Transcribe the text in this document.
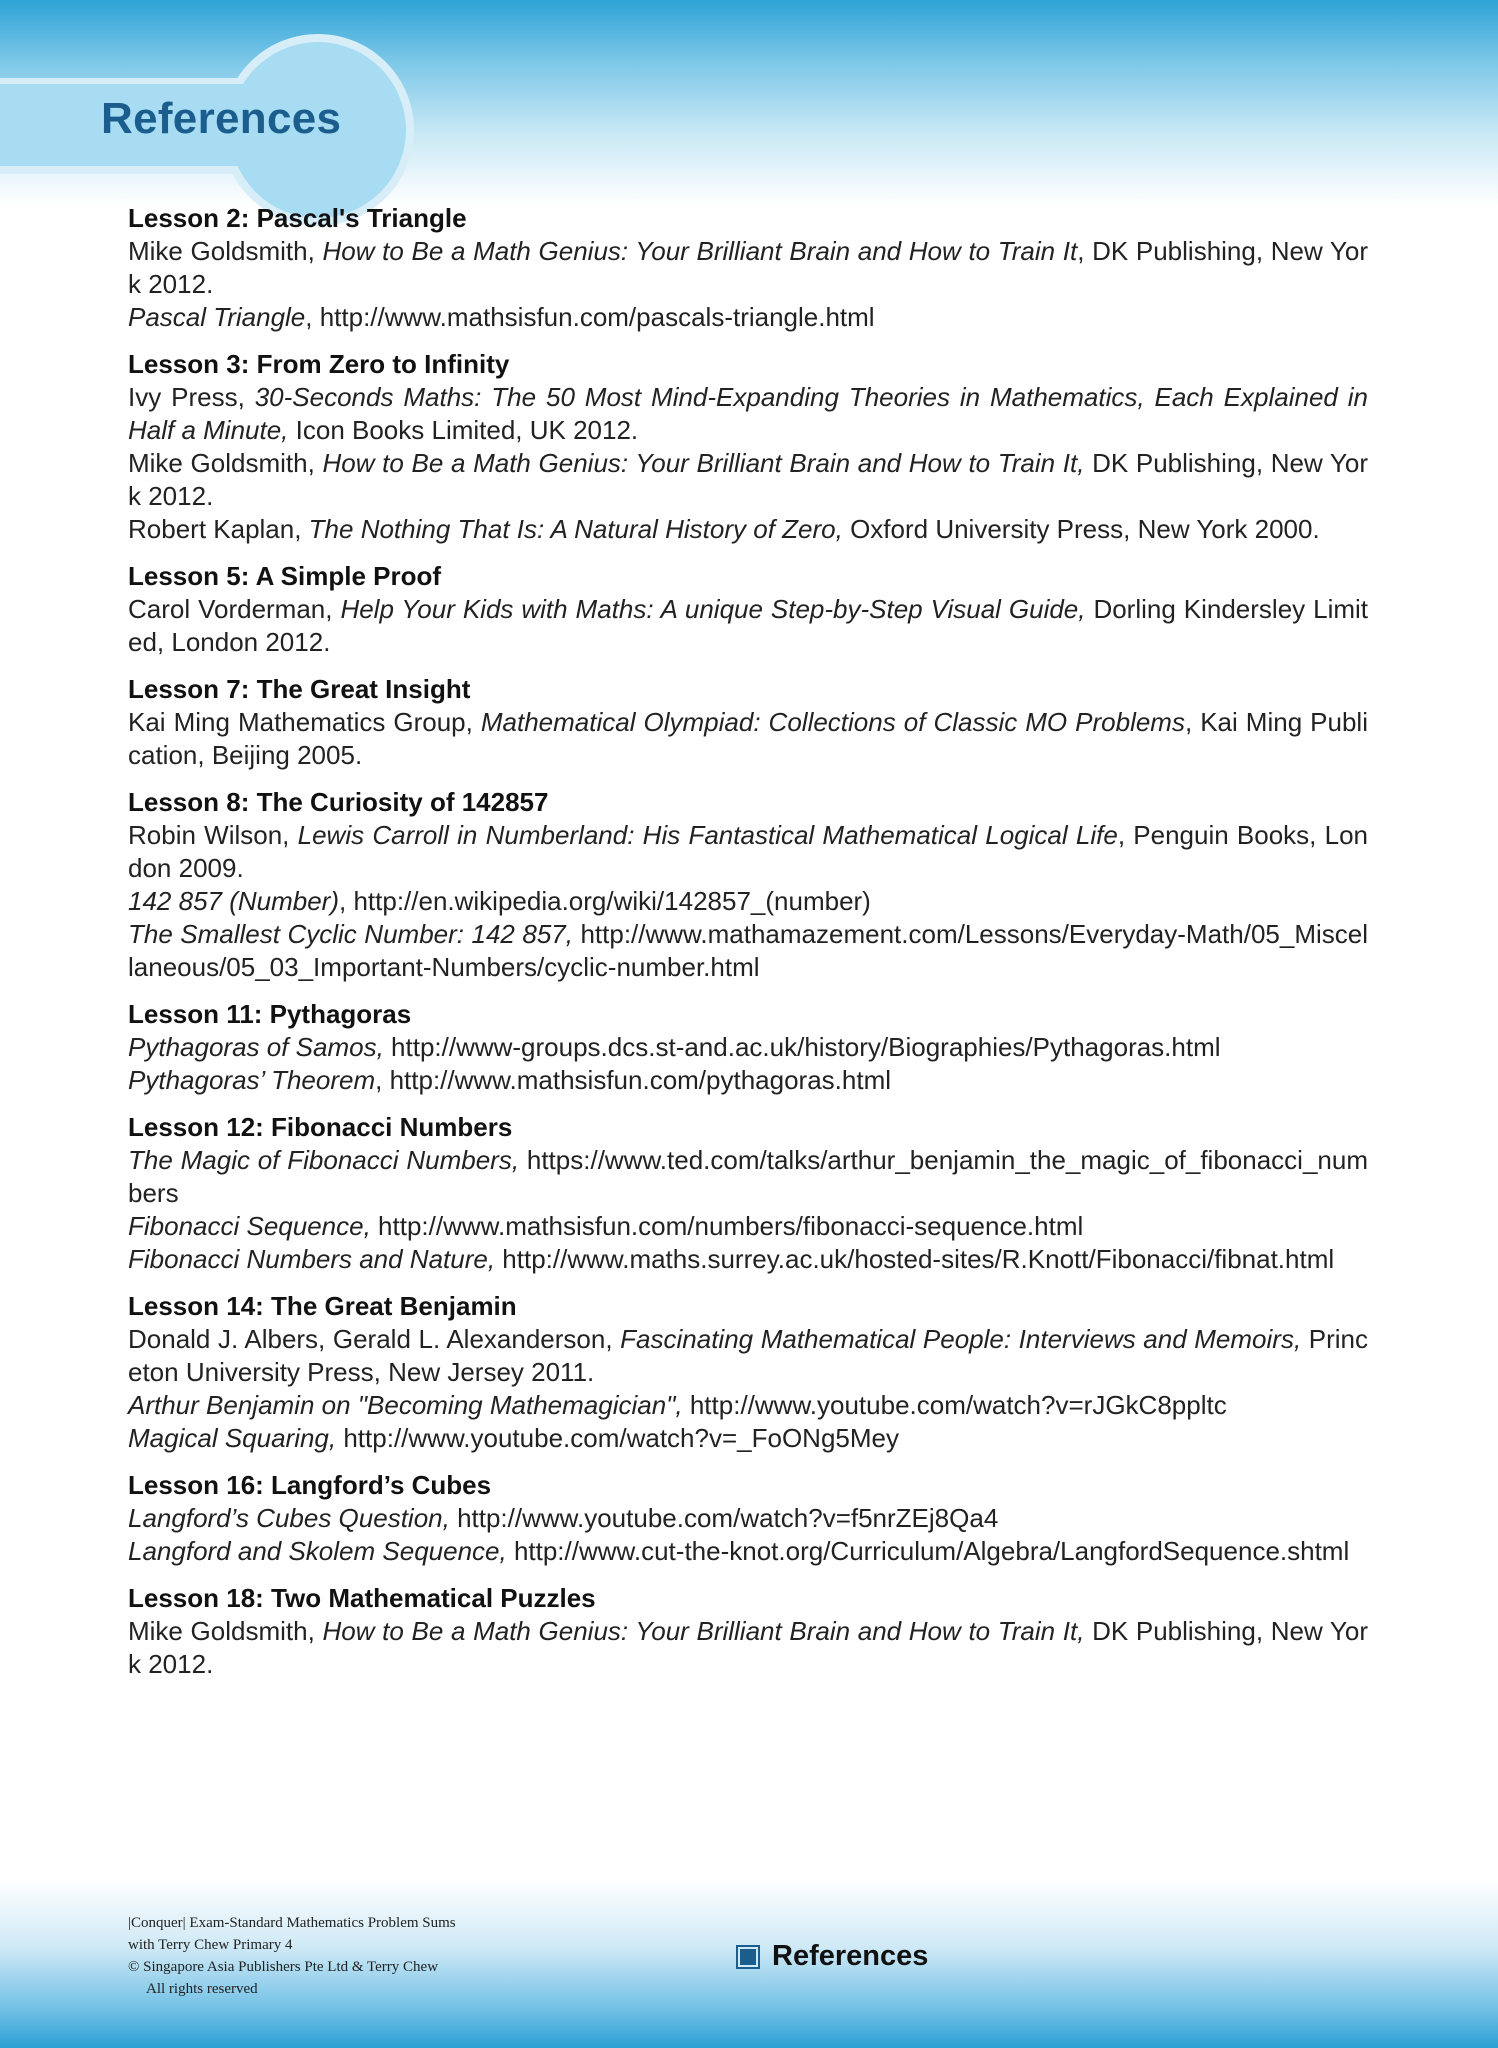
References
Lesson 2: Pascal's Triangle

Mike Goldsmith, How to Be a Math Genius: Your Brilliant Brain and How to Train It, DK Publishing, New York 2012.

Pascal Triangle, http://www.mathsisfun.com/pascals-triangle.html

Lesson 3: From Zero to Infinity

Ivy Press, 30-Seconds Maths: The 50 Most Mind-Expanding Theories in Mathematics, Each Explained in Half a Minute, Icon Books Limited, UK 2012.

Mike Goldsmith, How to Be a Math Genius: Your Brilliant Brain and How to Train It, DK Publishing, New York 2012.

Robert Kaplan, The Nothing That Is: A Natural History of Zero, Oxford University Press, New York 2000.

Lesson 5: A Simple Proof

Carol Vorderman, Help Your Kids with Maths: A unique Step-by-Step Visual Guide, Dorling Kindersley Limited, London 2012.

Lesson 7: The Great Insight

Kai Ming Mathematics Group, Mathematical Olympiad: Collections of Classic MO Problems, Kai Ming Publication, Beijing 2005.

Lesson 8: The Curiosity of 142857

Robin Wilson, Lewis Carroll in Numberland: His Fantastical Mathematical Logical Life, Penguin Books, London 2009.

142 857 (Number), http://en.wikipedia.org/wiki/142857_(number)

The Smallest Cyclic Number: 142 857, http://www.mathamazement.com/Lessons/Everyday-Math/05_Miscellaneous/05_03_Important-Numbers/cyclic-number.html

Lesson 11: Pythagoras

Pythagoras of Samos, http://www-groups.dcs.st-and.ac.uk/history/Biographies/Pythagoras.html

Pythagoras’ Theorem, http://www.mathsisfun.com/pythagoras.html

Lesson 12: Fibonacci Numbers

The Magic of Fibonacci Numbers, https://www.ted.com/talks/arthur_benjamin_the_magic_of_fibonacci_numbers

Fibonacci Sequence, http://www.mathsisfun.com/numbers/fibonacci-sequence.html

Fibonacci Numbers and Nature, http://www.maths.surrey.ac.uk/hosted-sites/R.Knott/Fibonacci/fibnat.html

Lesson 14: The Great Benjamin

Donald J. Albers, Gerald L. Alexanderson, Fascinating Mathematical People: Interviews and Memoirs, Princeton University Press, New Jersey 2011.

Arthur Benjamin on "Becoming Mathemagician", http://www.youtube.com/watch?v=rJGkC8ppltc

Magical Squaring, http://www.youtube.com/watch?v=_FoONg5Mey

Lesson 16: Langford’s Cubes

Langford’s Cubes Question, http://www.youtube.com/watch?v=f5nrZEj8Qa4

Langford and Skolem Sequence, http://www.cut-the-knot.org/Curriculum/Algebra/LangfordSequence.shtml

Lesson 18: Two Mathematical Puzzles

Mike Goldsmith, How to Be a Math Genius: Your Brilliant Brain and How to Train It, DK Publishing, New York 2012.

|Conquer| Exam-Standard Mathematics Problem Sums
with Terry Chew Primary 4
© Singapore Asia Publishers Pte Ltd & Terry Chew
All rights reserved
References
